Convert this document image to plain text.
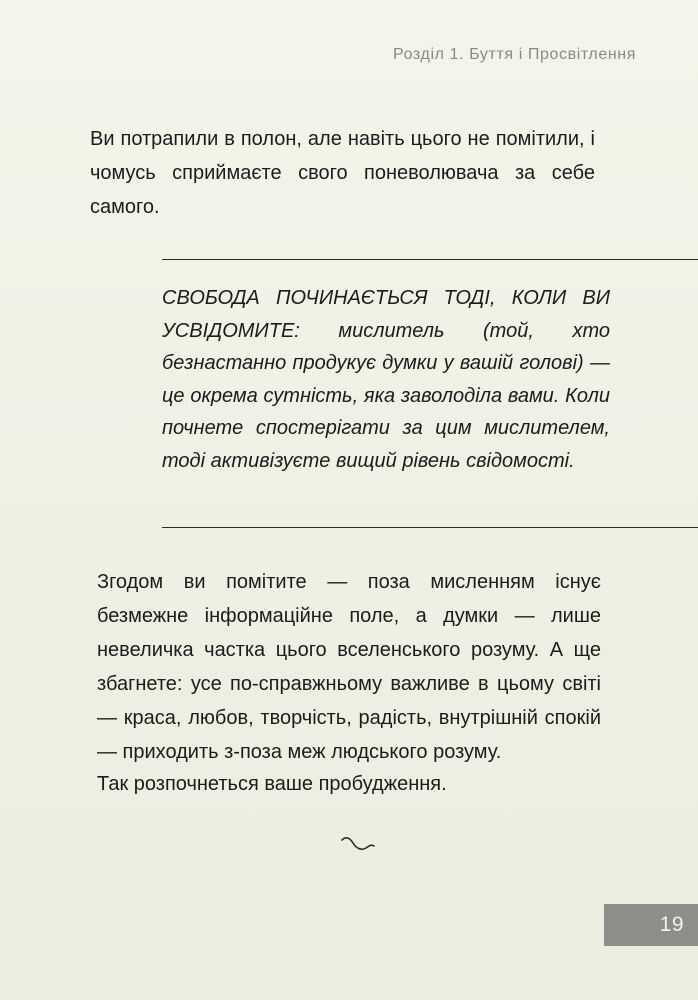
Розділ 1. Буття і Просвітлення

Ви потрапили в полон, але навіть цього не помітили, і чомусь сприймаєте свого поневолювача за себе самого.

СВОБОДА ПОЧИНАЄТЬСЯ ТОДІ, КОЛИ ВИ УСВІДОМИТЕ: мислитель (той, хто безнастанно продукує думки у вашій голові) — це окрема сутність, яка заволоділа вами. Коли почнете спостерігати за цим мислителем, тоді активізуєте вищий рівень свідомості.

Згодом ви помітите — поза мисленням існує безмежне інформаційне поле, а думки — лише невеличка частка цього вселенського розуму. А ще збагнете: усе по-справжньому важливе в цьому світі — краса, любов, творчість, радість, внутрішній спокій — приходить з-поза меж людського розуму.

Так розпочнеться ваше пробудження.

19
